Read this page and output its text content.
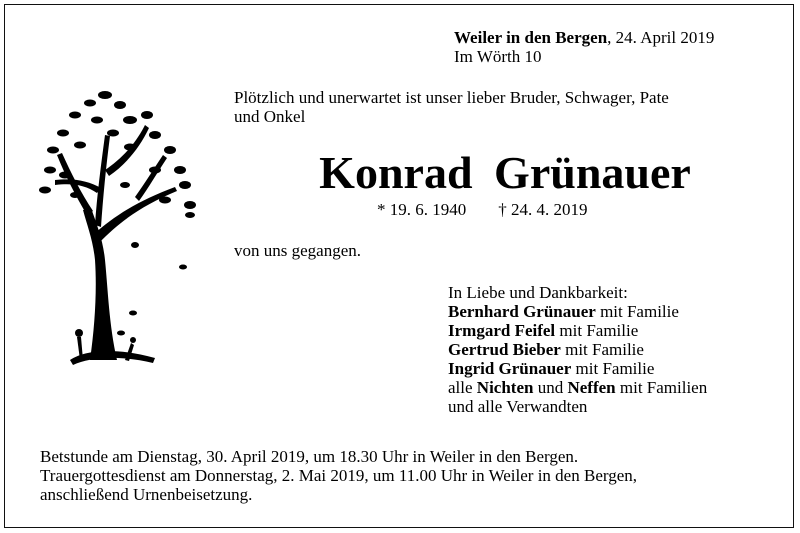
Weiler in den Bergen, 24. April 2019
Im Wörth 10
Plötzlich und unerwartet ist unser lieber Bruder, Schwager, Pate
und Onkel
Konrad Grünauer
* 19. 6. 1940 † 24. 4. 2019
von uns gegangen.
In Liebe und Dankbarkeit:
Bernhard Grünauer mit Familie
Irmgard Feifel mit Familie
Gertrud Bieber mit Familie
Ingrid Grünauer mit Familie
alle Nichten und Neffen mit Familien
und alle Verwandten
Betstunde am Dienstag, 30. April 2019, um 18.30 Uhr in Weiler in den Bergen.
Trauergottesdienst am Donnerstag, 2. Mai 2019, um 11.00 Uhr in Weiler in den Bergen,
anschließend Urnenbeisetzung.
